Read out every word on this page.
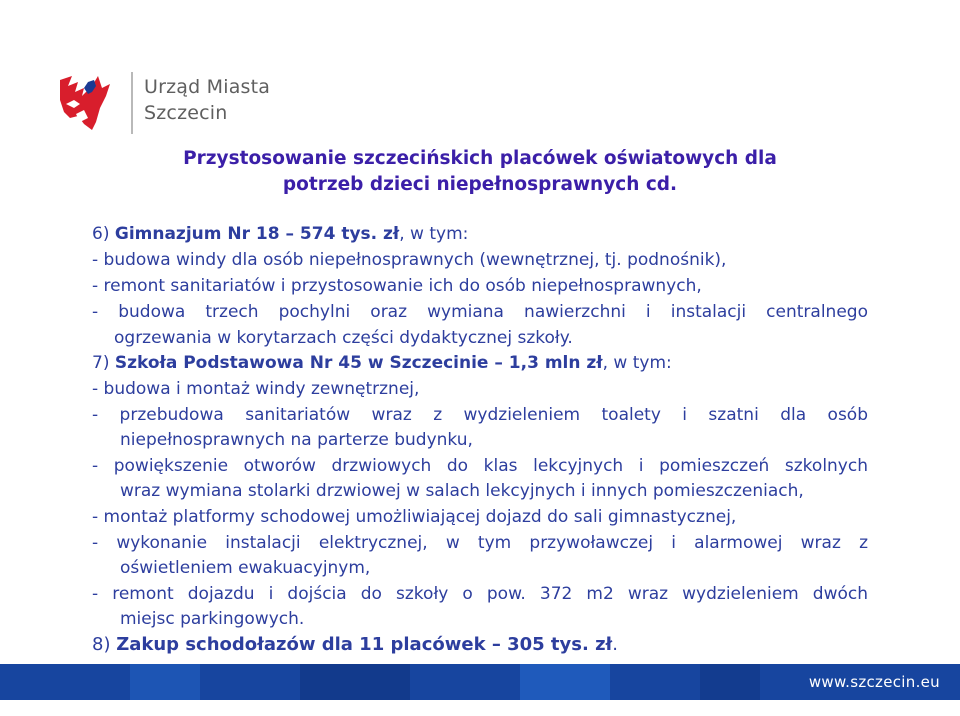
Urząd Miasta
Szczecin
Przystosowanie szczecińskich placówek oświatowych dla
potrzeb dzieci niepełnosprawnych cd.
6) Gimnazjum Nr 18 – 574 tys. zł, w tym:
- budowa windy dla osób niepełnosprawnych (wewnętrznej, tj. podnośnik),
- remont sanitariatów i przystosowanie ich do osób niepełnosprawnych,
- budowa trzech pochylni oraz wymiana nawierzchni i instalacji centralnego
ogrzewania w korytarzach części dydaktycznej szkoły.
7) Szkoła Podstawowa Nr 45 w Szczecinie – 1,3 mln zł, w tym:
- budowa i montaż windy zewnętrznej,
- przebudowa sanitariatów wraz z wydzieleniem toalety i szatni dla osób
niepełnosprawnych na parterze budynku,
- powiększenie otworów drzwiowych do klas lekcyjnych i pomieszczeń szkolnych
wraz wymiana stolarki drzwiowej w salach lekcyjnych i innych pomieszczeniach,
- montaż platformy schodowej umożliwiającej dojazd do sali gimnastycznej,
- wykonanie instalacji elektrycznej, w tym przywoławczej i alarmowej wraz z
oświetleniem ewakuacyjnym,
- remont dojazdu i dojścia do szkoły o pow. 372 m2 wraz wydzieleniem dwóch
miejsc parkingowych.
8) Zakup schodołazów dla 11 placówek – 305 tys. zł.
www.szczecin.eu
